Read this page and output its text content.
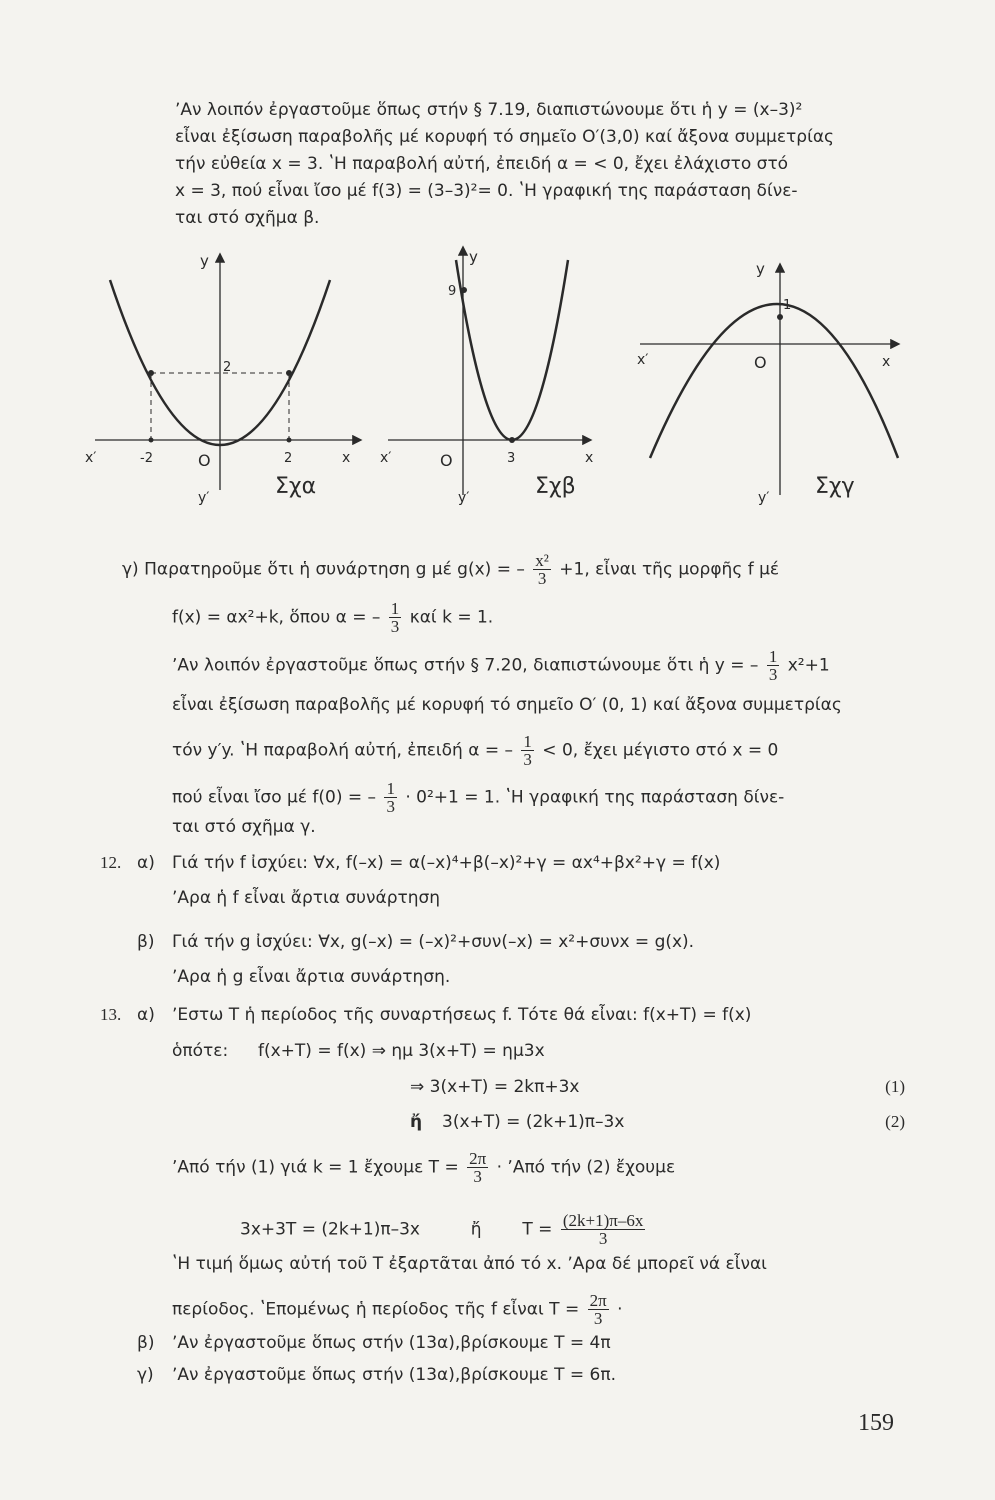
ʼΑν λοιπόν ἐργαστοῦμε ὅπως στήν § 7.19, διαπιστώνουμε ὅτι ἡ y = (x–3)²
εἶναι ἐξίσωση παραβολῆς μέ κορυφή τό σημεῖο Ο′(3,0) καί ἄξονα συμμετρίας
τήν εὐθεία x = 3. ʽΗ παραβολή αὐτή, ἐπειδή α = < 0, ἔχει ἐλάχιστο στό
x = 3, πού εἶναι ἴσο μέ f(3) = (3–3)²= 0. ʽΗ γραφική της παράσταση δίνε-
ται στό σχῆμα β.
y
2
x′	-2	O	2	x
y′	Σχα
y
9
x′	O	3	x
y′	Σχβ
y
1
x′	O	x
y′ Σχγ
γ) Παρατηροῦμε ὅτι ἡ συνάρτηση g μέ g(x) = – $\frac{\text{x²}}{3} +1$, εἶναι τῆς μορφῆς f μέ
f(x) = αx²+k, ὅπου α = – $\frac{1}{3}$ καί k = 1.
ʼΑν λοιπόν ἐργαστοῦμε ὅπως στήν § 7.20, διαπιστώνουμε ὅτι ἡ y = – $\frac{1}{3} x^2+1$
εἶναι ἐξίσωση παραβολῆς μέ κορυφή τό σημεῖο Ο′ (0, 1) καί ἄξονα συμμετρίας
τόν y′y. ʽΗ παραβολή αὐτή, ἐπειδή α = – $\frac{1}{3} < 0$, ἔχει μέγιστο στό x = 0
πού εἶναι ἴσο μέ f(0) = – $\frac{1}{3} \cdot 0^2+1 = 1$. ʽΗ γραφική της παράσταση δίνε-
ται στό σχῆμα γ.
12. α) Γιά τήν f ἰσχύει: ∀x, f(–x) = α(–x)⁴+β(–x)²+γ = αx⁴+βx²+γ = f(x)
ʼΑρα ἡ f εἶναι ἄρτια συνάρτηση
β) Γιά τήν g ἰσχύει: ∀x, g(–x) = (–x)²+συν(–x) = x²+συνx = g(x).
ʼΑρα ἡ g εἶναι ἄρτια συνάρτηση.
13. α) ʼΕστω Τ ἡ περίοδος τῆς συναρτήσεως f. Τότε θά εἶναι: f(x+T) = f(x)
ὁπότε: f(x+T) = f(x) ⇒ ημ 3(x+T) = ημ3x
⇒ 3(x+T) = 2kπ+3x	(1)
ἤ 3(x+T) = (2k+1)π–3x	(2)
ʼΑπό τήν (1) γιά k = 1 ἔχουμε $T = \frac{2\pi}{3}$ · ʼΑπό τήν (2) ἔχουμε
3x+3T = (2k+1)π–3x	ἤ $T = \frac{(2k+1)\pi-6x}{3}$
ʽΗ τιμή ὅμως αὐτή τοῦ Τ ἐξαρτᾶται ἀπό τό x. ʼΑρα δέ μπορεῖ νά εἶναι
περίοδος. ʽΕπομένως ἡ περίοδος τῆς f εἶναι $T = \frac{2\pi}{3}$ ·
β) ʼΑν ἐργαστοῦμε ὅπως στήν (13α),βρίσκουμε T = 4π
γ) ʼΑν ἐργαστοῦμε ὅπως στήν (13α),βρίσκουμε T = 6π.
159
